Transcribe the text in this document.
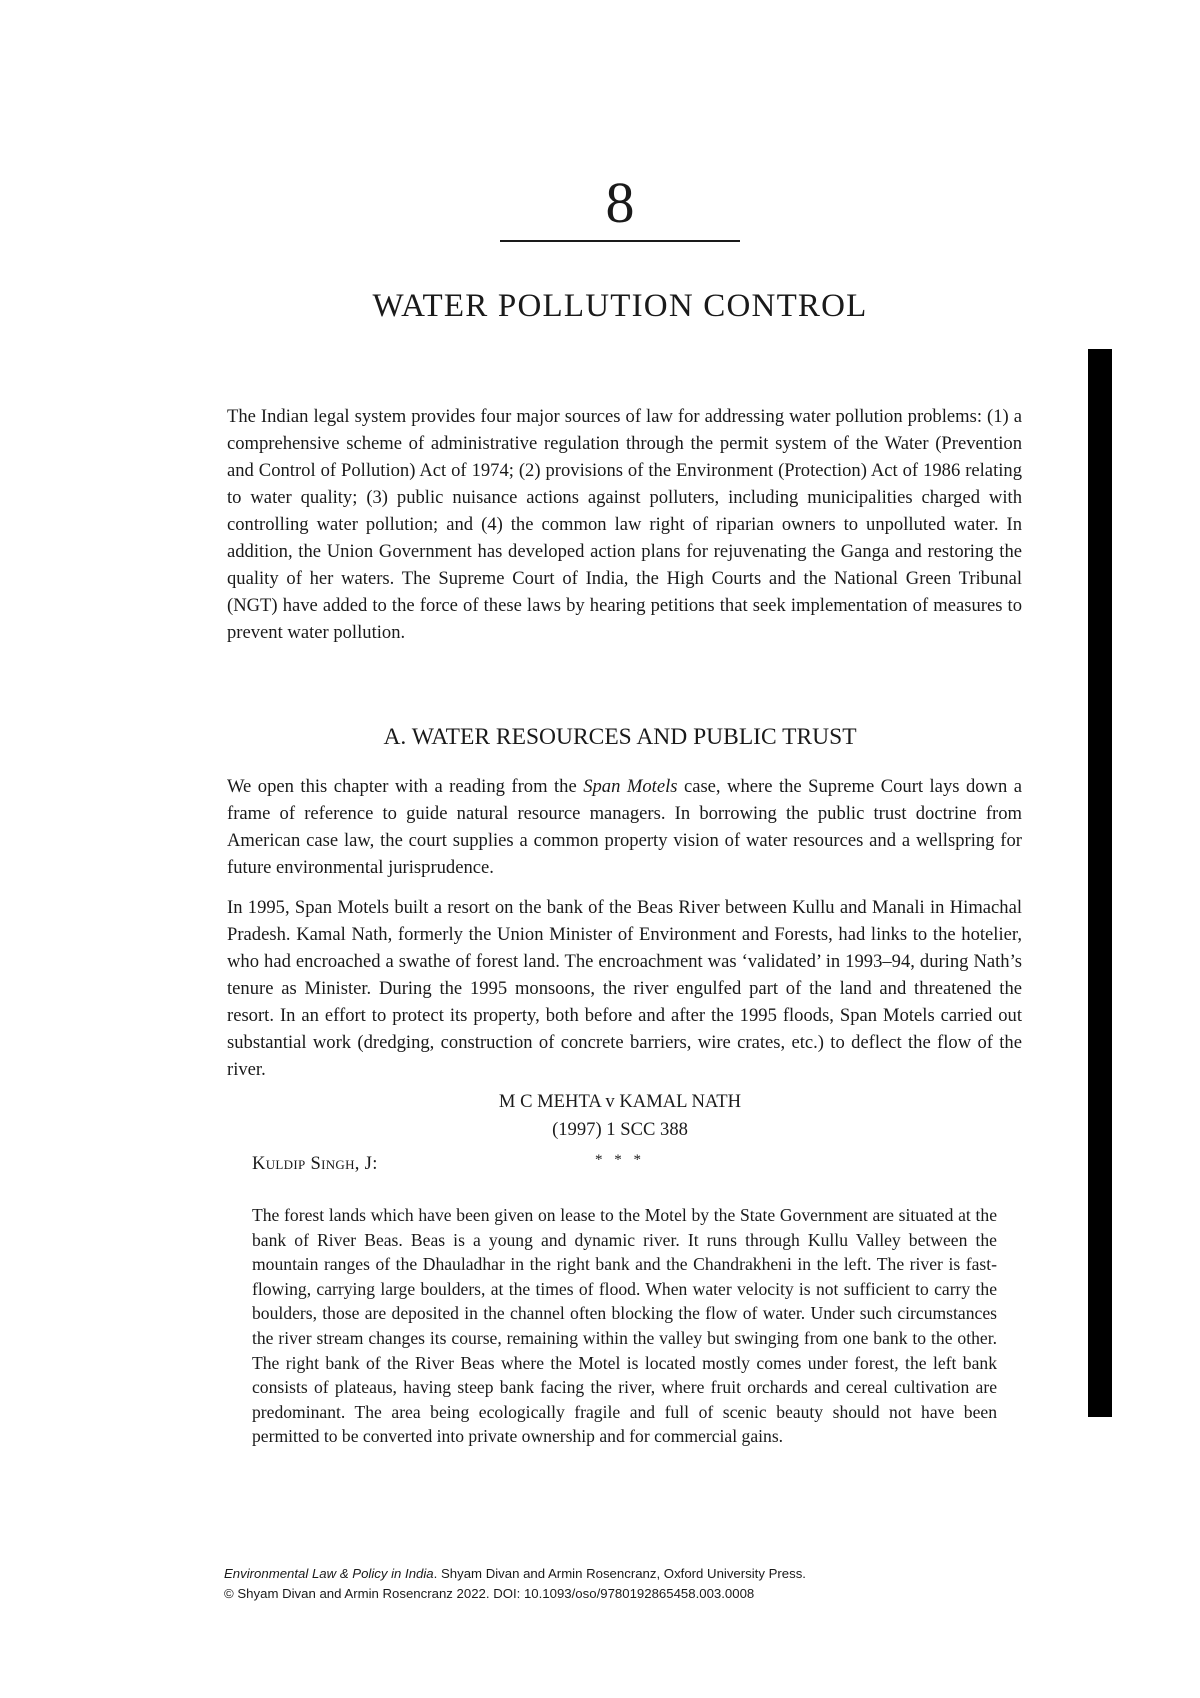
8
WATER POLLUTION CONTROL

The Indian legal system provides four major sources of law for addressing water pollution problems: (1) a comprehensive scheme of administrative regulation through the permit system of the Water (Prevention and Control of Pollution) Act of 1974; (2) provisions of the Environment (Protection) Act of 1986 relating to water quality; (3) public nuisance actions against polluters, including municipalities charged with controlling water pollution; and (4) the common law right of riparian owners to unpolluted water. In addition, the Union Government has developed action plans for rejuvenating the Ganga and restoring the quality of her waters. The Supreme Court of India, the High Courts and the National Green Tribunal (NGT) have added to the force of these laws by hearing petitions that seek implementation of measures to prevent water pollution.

A. WATER RESOURCES AND PUBLIC TRUST

We open this chapter with a reading from the Span Motels case, where the Supreme Court lays down a frame of reference to guide natural resource managers. In borrowing the public trust doctrine from American case law, the court supplies a common property vision of water resources and a wellspring for future environmental jurisprudence.

In 1995, Span Motels built a resort on the bank of the Beas River between Kullu and Manali in Himachal Pradesh. Kamal Nath, formerly the Union Minister of Environment and Forests, had links to the hotelier, who had encroached a swathe of forest land. The encroachment was ‘validated’ in 1993–94, during Nath’s tenure as Minister. During the 1995 monsoons, the river engulfed part of the land and threatened the resort. In an effort to protect its property, both before and after the 1995 floods, Span Motels carried out substantial work (dredging, construction of concrete barriers, wire crates, etc.) to deflect the flow of the river.

M C MEHTA v KAMAL NATH
(1997) 1 SCC 388
Kuldip Singh, J:	* * *

The forest lands which have been given on lease to the Motel by the State Government are situated at the bank of River Beas. Beas is a young and dynamic river. It runs through Kullu Valley between the mountain ranges of the Dhauladhar in the right bank and the Chandrakheni in the left. The river is fast-flowing, carrying large boulders, at the times of flood. When water velocity is not sufficient to carry the boulders, those are deposited in the channel often blocking the flow of water. Under such circumstances the river stream changes its course, remaining within the valley but swinging from one bank to the other. The right bank of the River Beas where the Motel is located mostly comes under forest, the left bank consists of plateaus, having steep bank facing the river, where fruit orchards and cereal cultivation are predominant. The area being ecologically fragile and full of scenic beauty should not have been permitted to be converted into private ownership and for commercial gains.

Environmental Law & Policy in India. Shyam Divan and Armin Rosencranz, Oxford University Press.
© Shyam Divan and Armin Rosencranz 2022. DOI: 10.1093/oso/9780192865458.003.0008
